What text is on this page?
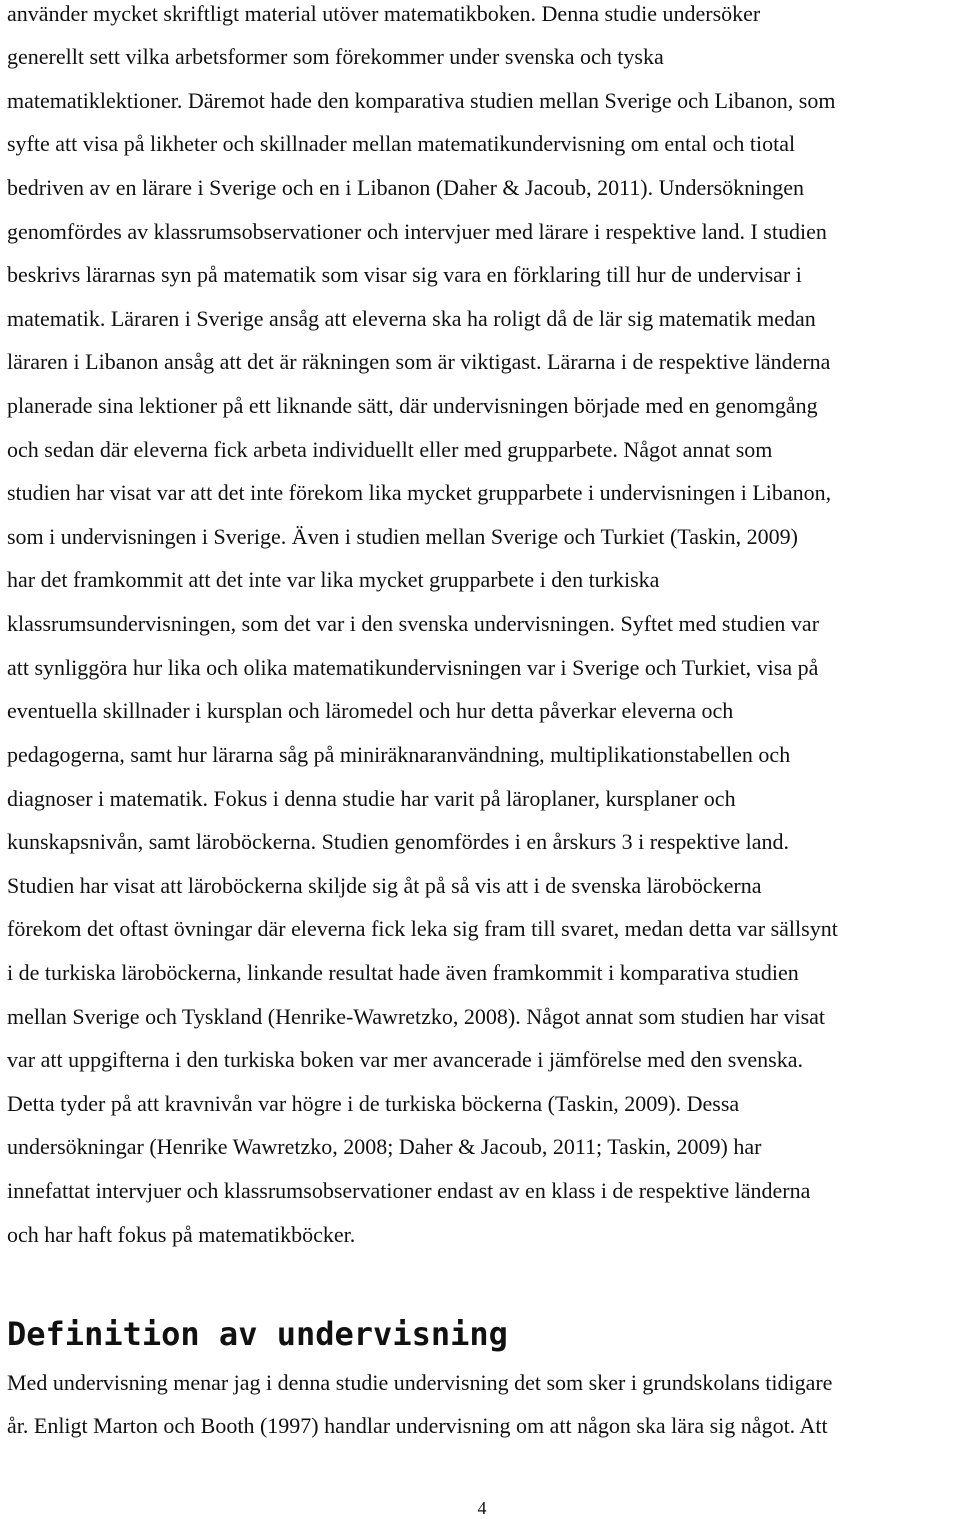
använder mycket skriftligt material utöver matematikboken. Denna studie undersöker

generellt sett vilka arbetsformer som förekommer under svenska och tyska

matematiklektioner. Däremot hade den komparativa studien mellan Sverige och Libanon, som

syfte att visa på likheter och skillnader mellan matematikundervisning om ental och tiotal

bedriven av en lärare i Sverige och en i Libanon (Daher & Jacoub, 2011). Undersökningen

genomfördes av klassrumsobservationer och intervjuer med lärare i respektive land. I studien

beskrivs lärarnas syn på matematik som visar sig vara en förklaring till hur de undervisar i

matematik. Läraren i Sverige ansåg att eleverna ska ha roligt då de lär sig matematik medan

läraren i Libanon ansåg att det är räkningen som är viktigast. Lärarna i de respektive länderna

planerade sina lektioner på ett liknande sätt, där undervisningen började med en genomgång

och sedan där eleverna fick arbeta individuellt eller med grupparbete. Något annat som

studien har visat var att det inte förekom lika mycket grupparbete i undervisningen i Libanon,

som i undervisningen i Sverige. Även i studien mellan Sverige och Turkiet (Taskin, 2009)

har det framkommit att det inte var lika mycket grupparbete i den turkiska

klassrumsundervisningen, som det var i den svenska undervisningen. Syftet med studien var

att synliggöra hur lika och olika matematikundervisningen var i Sverige och Turkiet, visa på

eventuella skillnader i kursplan och läromedel och hur detta påverkar eleverna och

pedagogerna, samt hur lärarna såg på miniräknaranvändning, multiplikationstabellen och

diagnoser i matematik. Fokus i denna studie har varit på läroplaner, kursplaner och

kunskapsnivån, samt läroböckerna. Studien genomfördes i en årskurs 3 i respektive land.

Studien har visat att läroböckerna skiljde sig åt på så vis att i de svenska läroböckerna

förekom det oftast övningar där eleverna fick leka sig fram till svaret, medan detta var sällsynt

i de turkiska läroböckerna, linkande resultat hade även framkommit i komparativa studien

mellan Sverige och Tyskland (Henrike-Wawretzko, 2008). Något annat som studien har visat

var att uppgifterna i den turkiska boken var mer avancerade i jämförelse med den svenska.

Detta tyder på att kravnivån var högre i de turkiska böckerna (Taskin, 2009). Dessa

undersökningar (Henrike Wawretzko, 2008; Daher & Jacoub, 2011; Taskin, 2009) har

innefattat intervjuer och klassrumsobservationer endast av en klass i de respektive länderna

och har haft fokus på matematikböcker.

Definition av undervisning

Med undervisning menar jag i denna studie undervisning det som sker i grundskolans tidigare

år. Enligt Marton och Booth (1997) handlar undervisning om att någon ska lära sig något. Att

4
